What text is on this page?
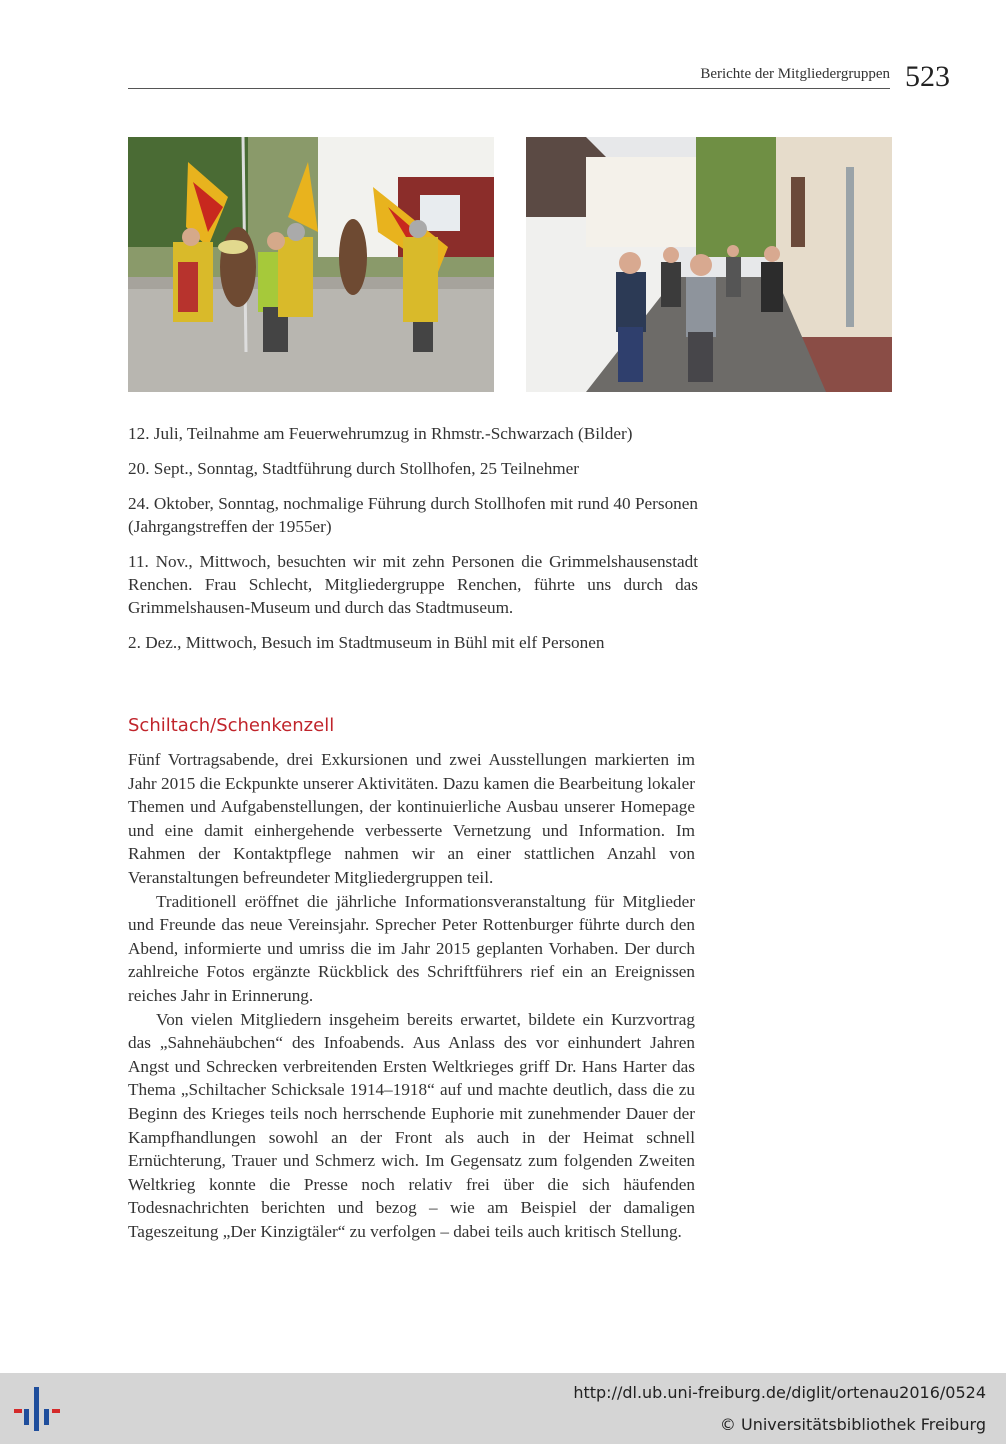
Berichte der Mitgliedergruppen 523

12. Juli, Teilnahme am Feuerwehrumzug in Rhmstr.-Schwarzach (Bilder)

20. Sept., Sonntag, Stadtführung durch Stollhofen, 25 Teilnehmer

24. Oktober, Sonntag, nochmalige Führung durch Stollhofen mit rund 40 Personen (Jahrgangstreffen der 1955er)

11. Nov., Mittwoch, besuchten wir mit zehn Personen die Grimmelshausenstadt Renchen. Frau Schlecht, Mitgliedergruppe Renchen, führte uns durch das Grimmelshausen-Museum und durch das Stadtmuseum.

2. Dez., Mittwoch, Besuch im Stadtmuseum in Bühl mit elf Personen

Schiltach/Schenkenzell

Fünf Vortragsabende, drei Exkursionen und zwei Ausstellungen markierten im Jahr 2015 die Eckpunkte unserer Aktivitäten. Dazu kamen die Bearbeitung lokaler Themen und Aufgabenstellungen, der kontinuierliche Ausbau unserer Homepage und eine damit einhergehende verbesserte Vernetzung und Information. Im Rahmen der Kontaktpflege nahmen wir an einer stattlichen Anzahl von Veranstaltungen befreundeter Mitgliedergruppen teil.

Traditionell eröffnet die jährliche Informationsveranstaltung für Mitglieder und Freunde das neue Vereinsjahr. Sprecher Peter Rottenburger führte durch den Abend, informierte und umriss die im Jahr 2015 geplanten Vorhaben. Der durch zahlreiche Fotos ergänzte Rückblick des Schriftführers rief ein an Ereignissen reiches Jahr in Erinnerung.

Von vielen Mitgliedern insgeheim bereits erwartet, bildete ein Kurzvortrag das „Sahnehäubchen“ des Infoabends. Aus Anlass des vor einhundert Jahren Angst und Schrecken verbreitenden Ersten Weltkrieges griff Dr. Hans Harter das Thema „Schiltacher Schicksale 1914–1918“ auf und machte deutlich, dass die zu Beginn des Krieges teils noch herrschende Euphorie mit zunehmender Dauer der Kampfhandlungen sowohl an der Front als auch in der Heimat schnell Ernüchterung, Trauer und Schmerz wich. Im Gegensatz zum folgenden Zweiten Weltkrieg konnte die Presse noch relativ frei über die sich häufenden Todesnachrichten berichten und bezog – wie am Beispiel der damaligen Tageszeitung „Der Kinzigtäler“ zu verfolgen – dabei teils auch kritisch Stellung.

http://dl.ub.uni-freiburg.de/diglit/ortenau2016/0524
© Universitätsbibliothek Freiburg
